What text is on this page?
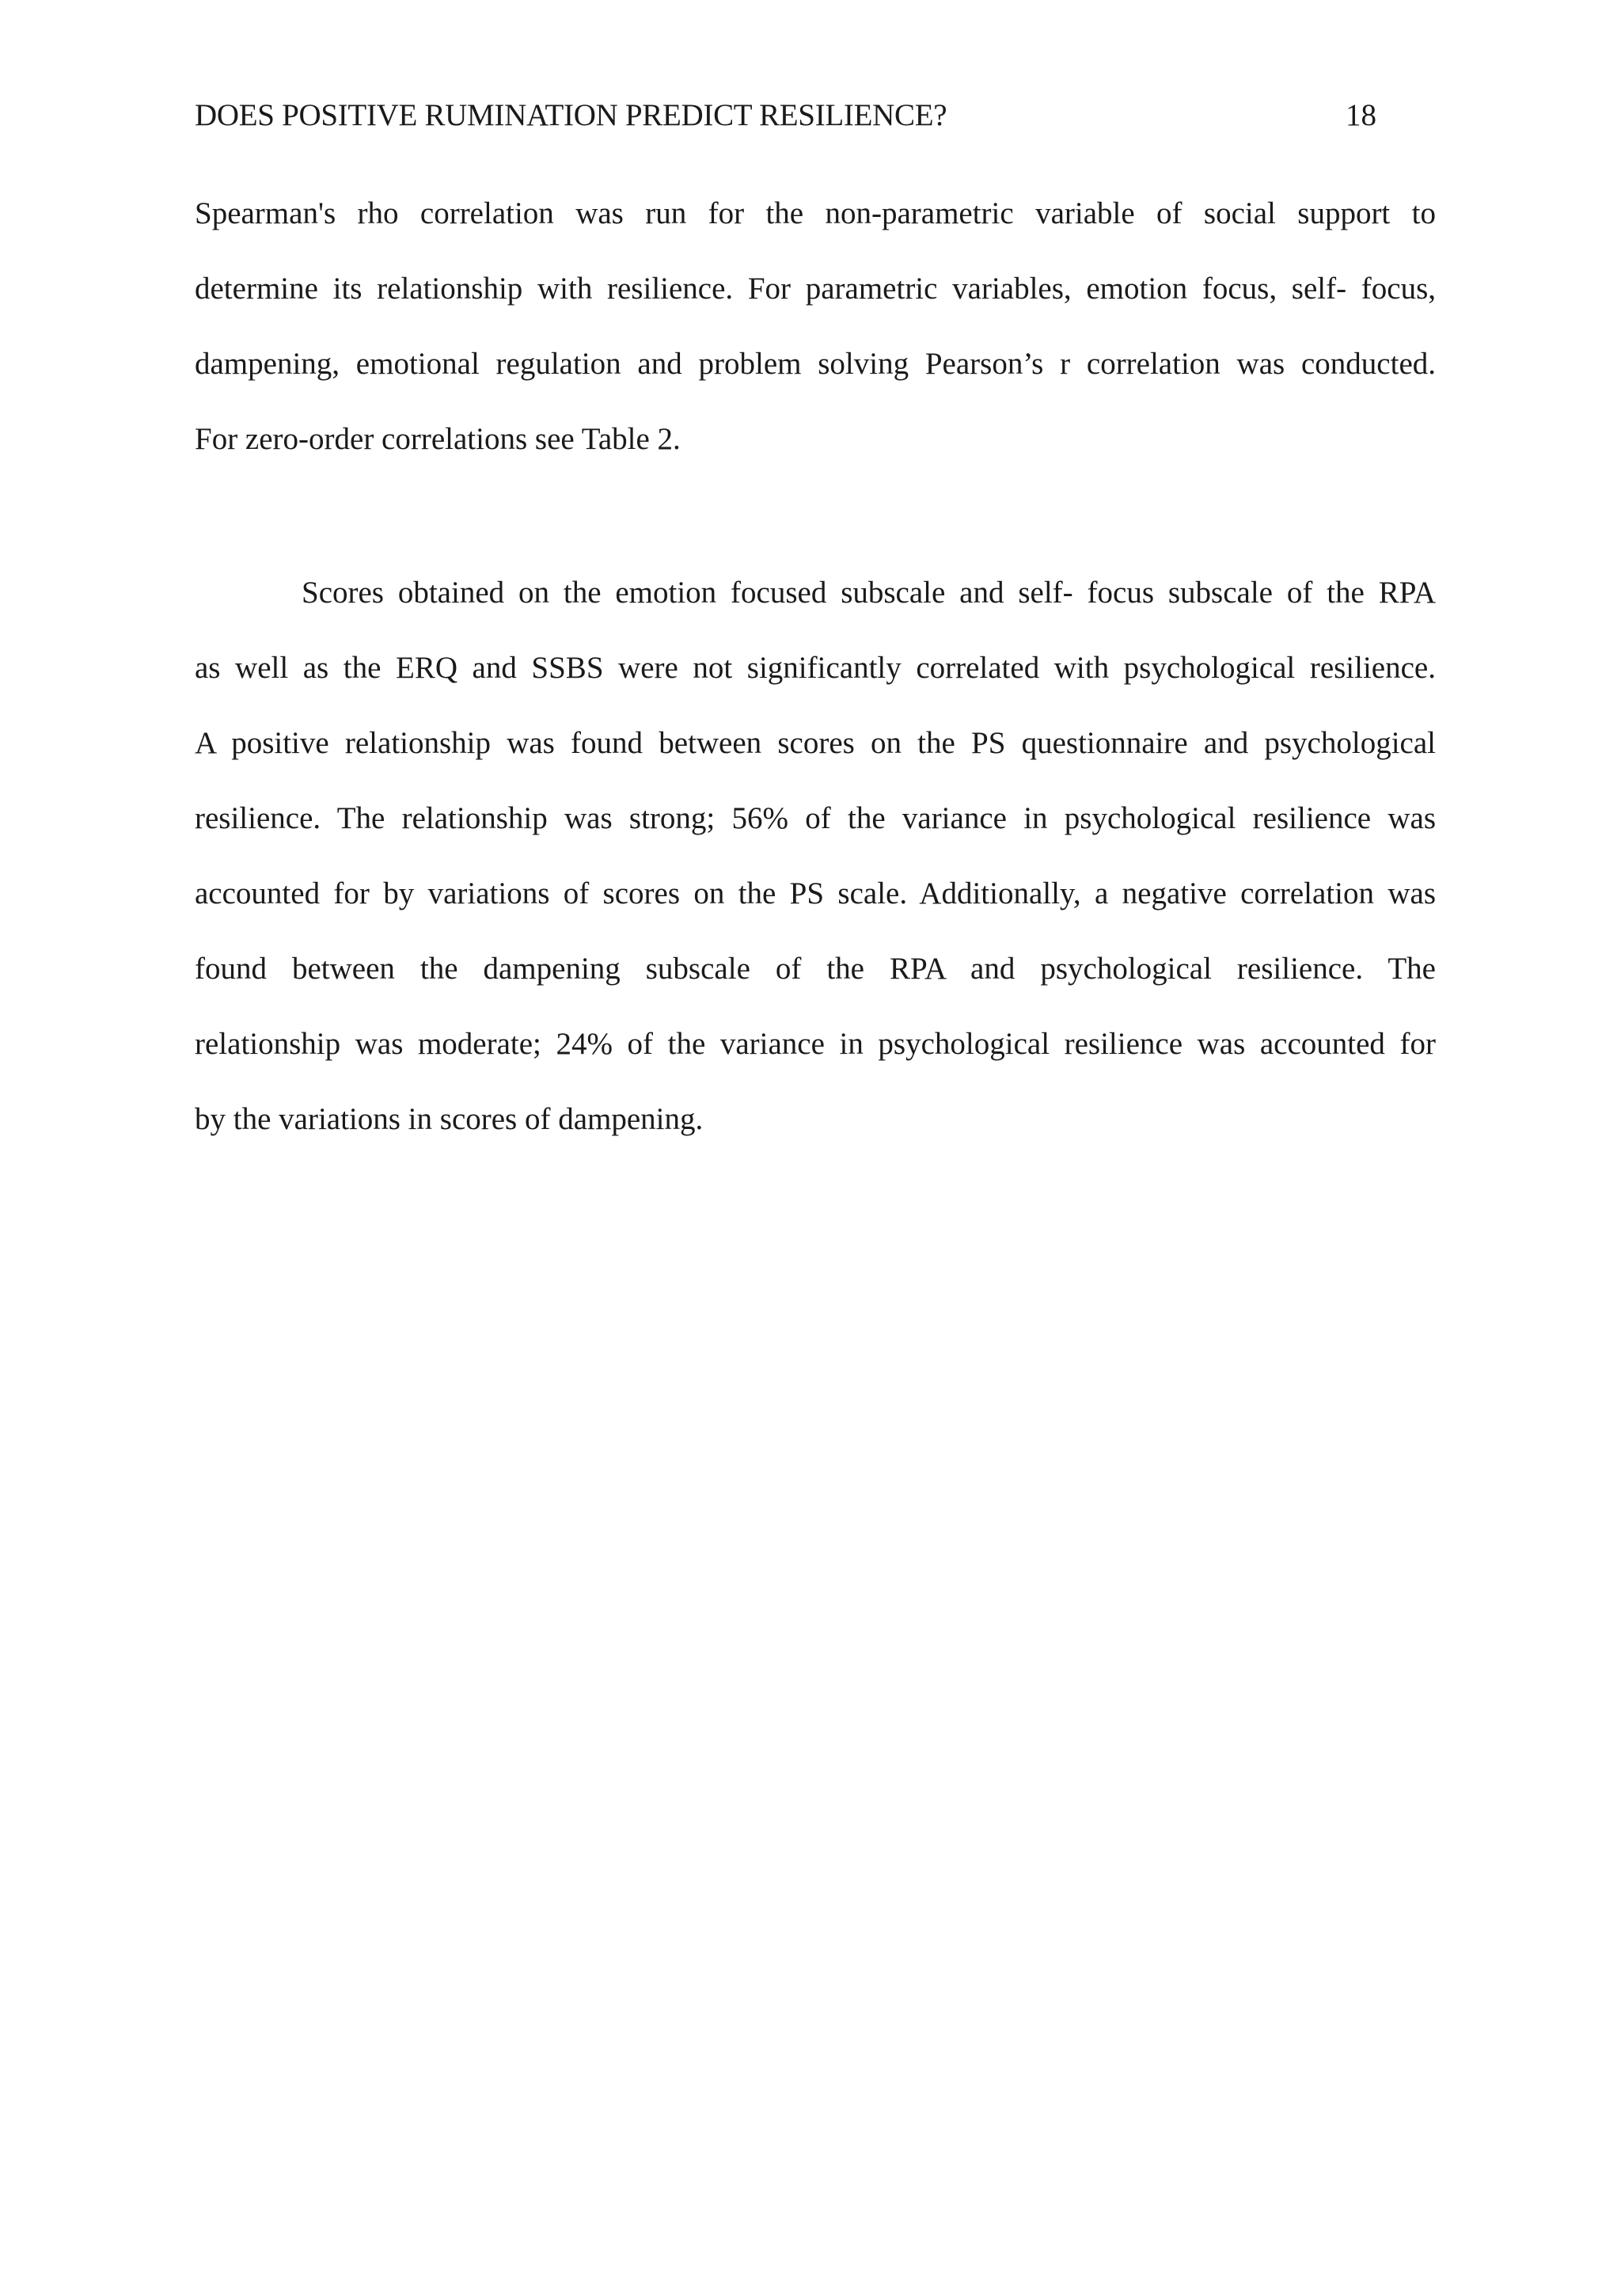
DOES POSITIVE RUMINATION PREDICT RESILIENCE?	18
Spearman's rho correlation was run for the non-parametric variable of social support to
determine its relationship with resilience. For parametric variables, emotion focus, self- focus,
dampening, emotional regulation and problem solving Pearson’s r correlation was conducted.
For zero-order correlations see Table 2.
Scores obtained on the emotion focused subscale and self- focus subscale of the RPA
as well as the ERQ and SSBS were not significantly correlated with psychological resilience.
A positive relationship was found between scores on the PS questionnaire and psychological
resilience. The relationship was strong; 56% of the variance in psychological resilience was
accounted for by variations of scores on the PS scale. Additionally, a negative correlation was
found between the dampening subscale of the RPA and psychological resilience. The
relationship was moderate; 24% of the variance in psychological resilience was accounted for
by the variations in scores of dampening.
